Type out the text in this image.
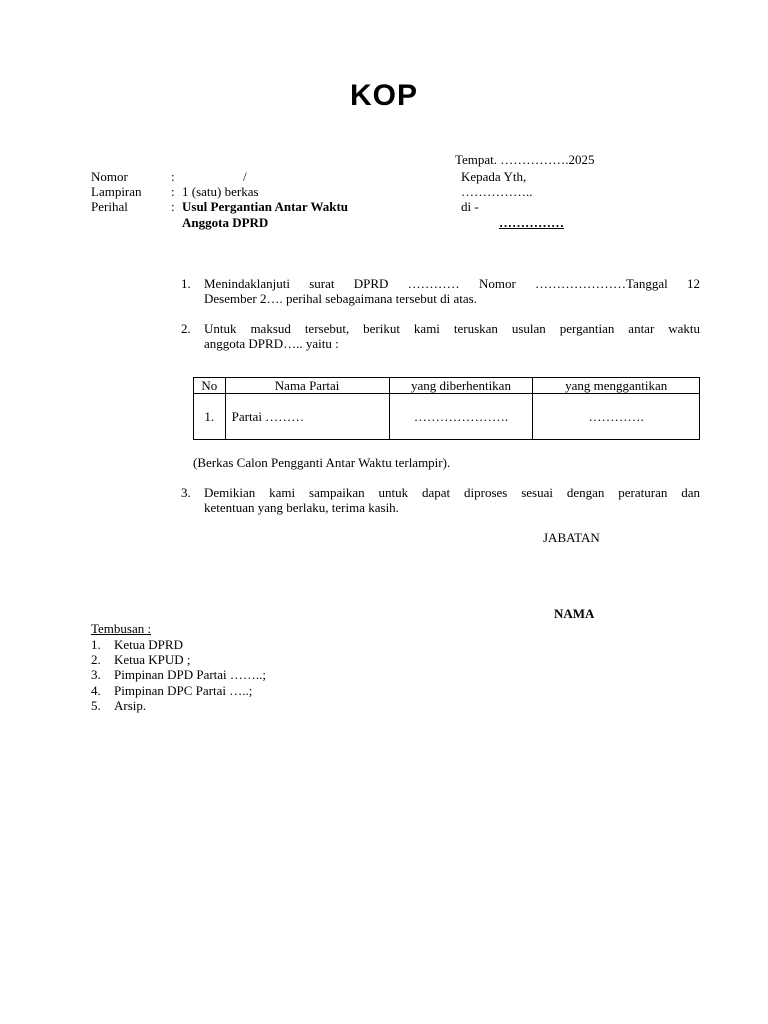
KOP
Tempat. …………….2025
Nomor	:	/
Lampiran : 1 (satu) berkas
Perihal	: Usul Pergantian Antar Waktu
Anggota DPRD
Kepada Yth,
……………..
di -
……………
1. Menindaklanjuti surat DPRD ………… Nomor …………………Tanggal 12
Desember 2…. perihal sebagaimana tersebut di atas.
2. Untuk maksud tersebut, berikut kami teruskan usulan pergantian antar waktu
anggota DPRD….. yaitu :
No	Nama Partai	yang diberhentikan	yang menggantikan
1.	Partai ………	………………….	………….
(Berkas Calon Pengganti Antar Waktu terlampir).
3. Demikian kami sampaikan untuk dapat diproses sesuai dengan peraturan dan
ketentuan yang berlaku, terima kasih.
JABATAN
NAMA
Tembusan :
1. Ketua DPRD
2. Ketua KPUD ;
3. Pimpinan DPD Partai ……..;
4. Pimpinan DPC Partai …..;
5. Arsip.
